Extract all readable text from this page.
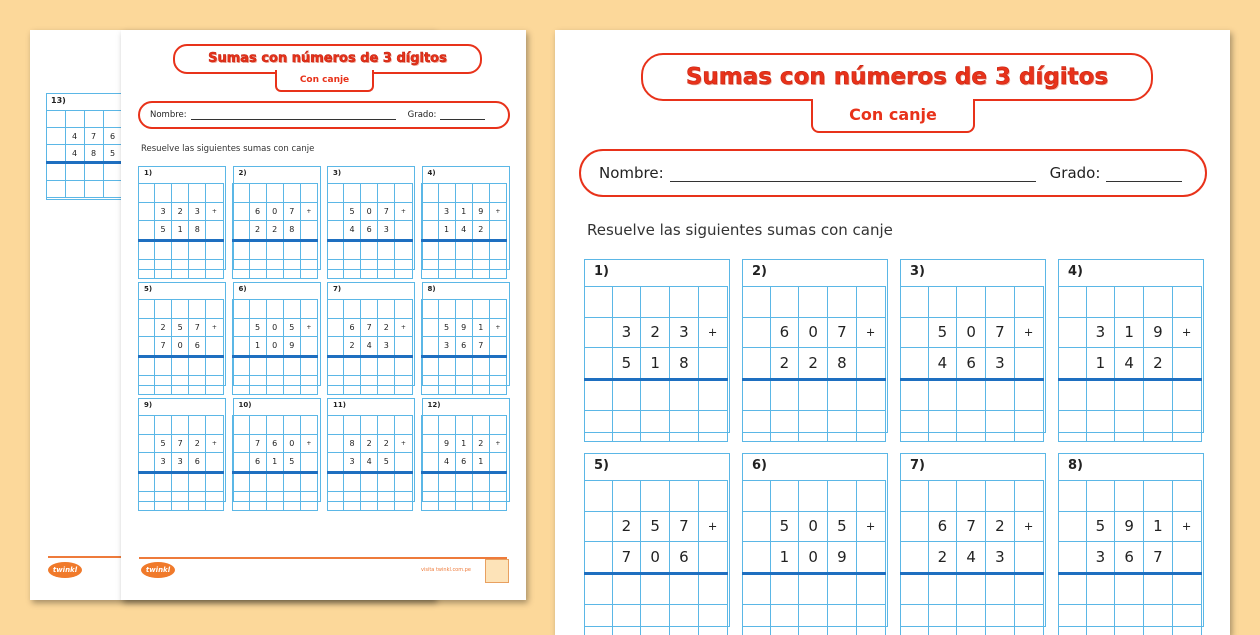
13)

	4	7	6	
	4	8	5	

twinkl
Sumas con números de 3 dígitos
Con canje
Nombre:	Grado:
Resuelve las siguientes sumas con canje
twinkl	visita twinkl.com.pe
1)

	3	2	3	+
	5	1	8	

2)

	6	0	7	+
	2	2	8	

3)

	5	0	7	+
	4	6	3	

4)

	3	1	9	+
	1	4	2	

5)

	2	5	7	+
	7	0	6	

6)

	5	0	5	+
	1	0	9	

7)

	6	7	2	+
	2	4	3	

8)

	5	9	1	+
	3	6	7	

9)

	5	7	2	+
	3	3	6	

10)

	7	6	0	+
	6	1	5	

11)

	8	2	2	+
	3	4	5	

12)

	9	1	2	+
	4	6	1	

Sumas con números de 3 dígitos
Con canje
Nombre:	Grado:
Resuelve las siguientes sumas con canje
1)

	3	2	3	+
	5	1	8	

2)

	6	0	7	+
	2	2	8	

3)

	5	0	7	+
	4	6	3	

4)

	3	1	9	+
	1	4	2	

5)

	2	5	7	+
	7	0	6	

6)

	5	0	5	+
	1	0	9	

7)

	6	7	2	+
	2	4	3	

8)

	5	9	1	+
	3	6	7	
